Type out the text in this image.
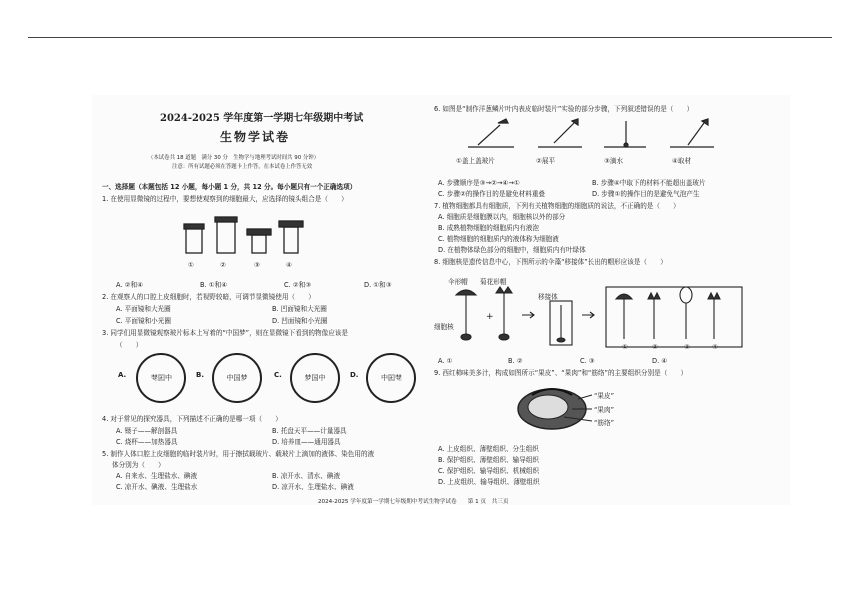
2024-2025 学年度第一学期七年级期中考试
生物学试卷
（本试卷共 18 道题　满分 30 分　生物学与地理考试时间共 90 分钟）
注意：所有试题必须在答题卡上作答，在本试卷上作答无效
一、选择题（本题包括 12 小题，每小题 1 分，共 12 分。每小题只有一个正确选项）
1. 在使用显微镜的过程中，要想使观察到的细胞最大，应选择的镜头组合是（　　）
①	②	③	④
A. ②和④	B. ①和④	C. ②和③	D. ①和③
2. 在观察人的口腔上皮细胞时，若视野较暗，可调节显微镜使用（　　）
A. 平面镜和大光圈	B. 凹面镜和大光圈
C. 平面镜和小光圈	D. 凹面镜和小光圈
3. 同学们用显微镜观察玻片标本上写着的“中国梦”，则在显微镜下看到的物像应该是
（　　）
A.	中国梦	B.	中国梦	C.	梦国中	D.	梦国中
4. 对于常见的探究器具，下列描述不正确的是哪一项（　　）
A. 镊子——解剖器具	B. 托盘天平——计量器具
C. 烧杯——加热器具	D. 培养皿——通用器具
5. 制作人体口腔上皮细胞的临时装片时，用于擦拭载玻片、载玻片上滴加的液体、染色用的液
体分别为（　　）
A. 自来水、生理盐水、碘液	B. 凉开水、清水、碘液
C. 凉开水、碘液、生理盐水	D. 凉开水、生理盐水、碘液
6. 如图是“制作洋葱鳞片叶内表皮临时装片”实验的部分步骤，下列叙述错误的是（　　）
①盖上盖玻片	②展平	③滴水	④取材
A. 步骤顺序是③→②→④→①	B. 步骤④中取下的材料不能超出盖玻片
C. 步骤②的操作目的是避免材料重叠	D. 步骤①的操作目的是避免气泡产生
7. 植物细胞都具有细胞质，下列有关植物细胞的细胞质的说法，不正确的是（　　）
A. 细胞质是细胞膜以内，细胞核以外的部分
B. 成熟植物细胞的细胞质内有液泡
C. 植物细胞的细胞质内的液体称为细胞液
D. 在植物体绿色部分的细胞中，细胞质内有叶绿体
8. 细胞核是遗传信息中心，下图所示的伞藻“移接体”长出的帽形应该是（　　）
伞形帽 菊花形帽
细胞核
移接体
+
①	②	③	④
A. ①	B. ②	C. ③	D. ④
9. 西红柿味美多汁，构成如图所示“果皮”、“果肉”和“筋络”的主要组织分别是（　　）
“果皮”
“果肉”
“筋络”
A. 上皮组织、薄壁组织、分生组织
B. 保护组织、薄壁组织、输导组织
C. 保护组织、输导组织、机械组织
D. 上皮组织、输导组织、薄壁组织
2024-2025 学年度第一学期七年级期中考试生物学试卷　　第 1 页　共三页
